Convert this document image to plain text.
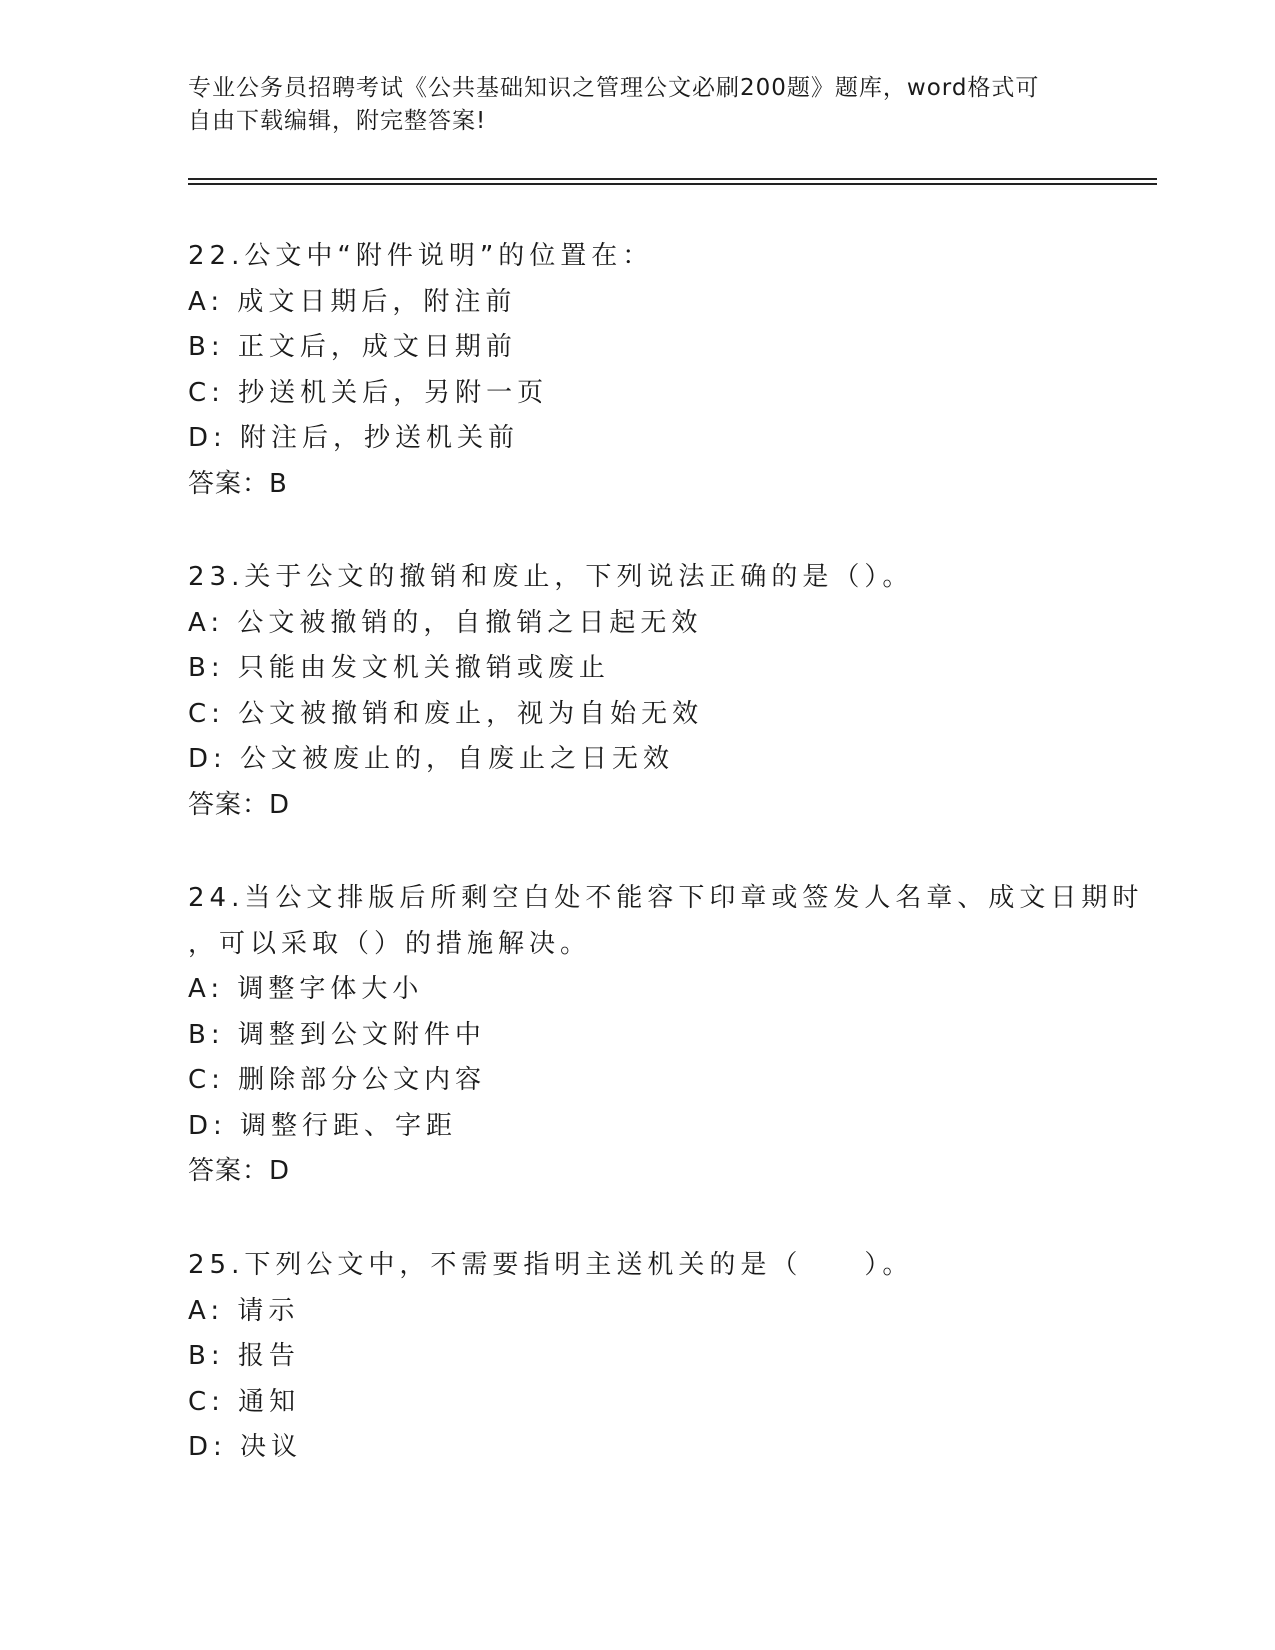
专业公务员招聘考试《公共基础知识之管理公文必刷200题》题库，word格式可
自由下载编辑，附完整答案!
22.公文中“附件说明”的位置在：
A: 成文日期后，附注前
B: 正文后，成文日期前
C: 抄送机关后，另附一页
D: 附注后，抄送机关前
答案：B
23.关于公文的撤销和废止，下列说法正确的是（）。
A: 公文被撤销的，自撤销之日起无效
B: 只能由发文机关撤销或废止
C: 公文被撤销和废止，视为自始无效
D: 公文被废止的，自废止之日无效
答案：D
24.当公文排版后所剩空白处不能容下印章或签发人名章、成文日期时
，可以采取（）的措施解决。
A: 调整字体大小
B: 调整到公文附件中
C: 删除部分公文内容
D: 调整行距、字距
答案：D
25.下列公文中，不需要指明主送机关的是（　　）。
A: 请示
B: 报告
C: 通知
D: 决议
